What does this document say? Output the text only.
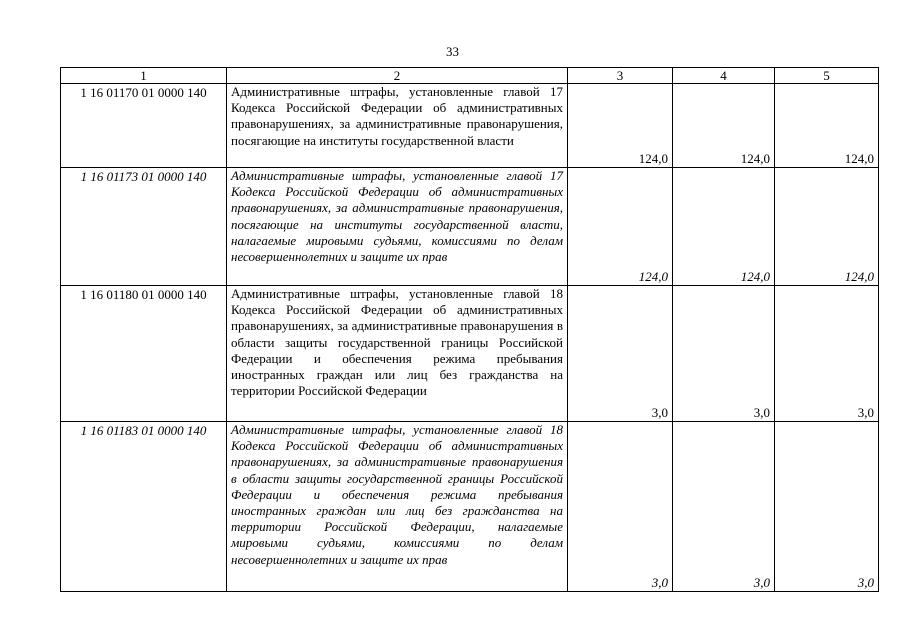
33
1	2	3	4	5
1 16 01170 01 0000 140	Административные штрафы, установленные главой 17 Кодекса Российской Федерации об административных правонарушениях, за административные правонарушения, посягающие на институты государственной власти	124,0	124,0	124,0
1 16 01173 01 0000 140	Административные штрафы, установленные главой 17 Кодекса Российской Федерации об административных правонарушениях, за административные правонарушения, посягающие на институты государственной власти, налагаемые мировыми судьями, комиссиями по делам несовершеннолетних и защите их прав	124,0	124,0	124,0
1 16 01180 01 0000 140	Административные штрафы, установленные главой 18 Кодекса Российской Федерации об административных правонарушениях, за административные правонарушения в области защиты государственной границы Российской Федерации и обеспечения режима пребывания иностранных граждан или лиц без гражданства на территории Российской Федерации	3,0	3,0	3,0
1 16 01183 01 0000 140	Административные штрафы, установленные главой 18 Кодекса Российской Федерации об административных правонарушениях, за административные правонарушения в области защиты государственной границы Российской Федерации и обеспечения режима пребывания иностранных граждан или лиц без гражданства на территории Российской Федерации, налагаемые мировыми судьями, комиссиями по делам несовершеннолетних и защите их прав	3,0	3,0	3,0
